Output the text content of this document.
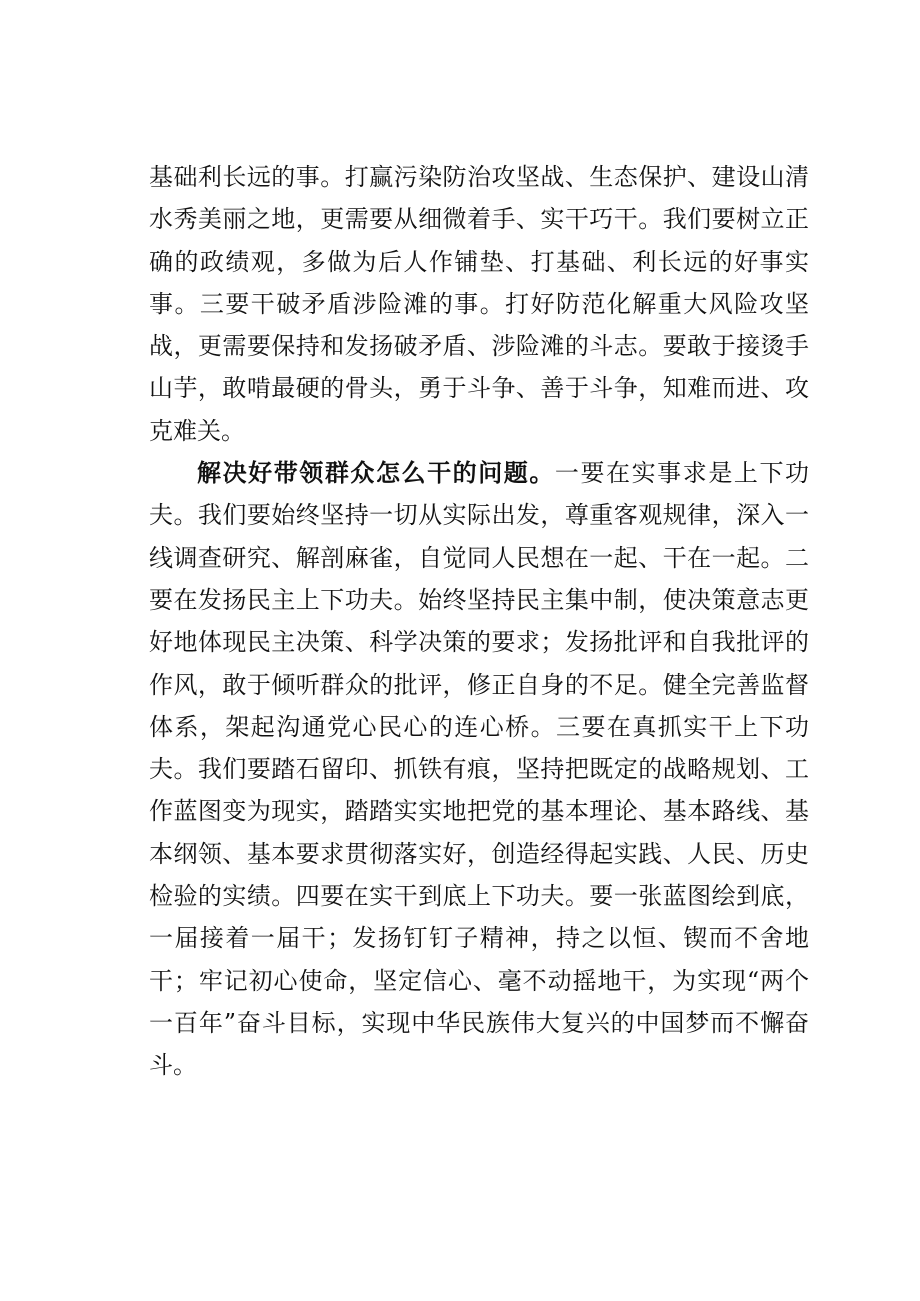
基础利长远的事。打赢污染防治攻坚战、生态保护、建设山清水秀美丽之地，更需要从细微着手、实干巧干。我们要树立正确的政绩观，多做为后人作铺垫、打基础、利长远的好事实事。三要干破矛盾涉险滩的事。打好防范化解重大风险攻坚战，更需要保持和发扬破矛盾、涉险滩的斗志。要敢于接烫手山芋，敢啃最硬的骨头，勇于斗争、善于斗争，知难而进、攻克难关。

解决好带领群众怎么干的问题。一要在实事求是上下功夫。我们要始终坚持一切从实际出发，尊重客观规律，深入一线调查研究、解剖麻雀，自觉同人民想在一起、干在一起。二要在发扬民主上下功夫。始终坚持民主集中制，使决策意志更好地体现民主决策、科学决策的要求；发扬批评和自我批评的作风，敢于倾听群众的批评，修正自身的不足。健全完善监督体系，架起沟通党心民心的连心桥。三要在真抓实干上下功夫。我们要踏石留印、抓铁有痕，坚持把既定的战略规划、工作蓝图变为现实，踏踏实实地把党的基本理论、基本路线、基本纲领、基本要求贯彻落实好，创造经得起实践、人民、历史检验的实绩。四要在实干到底上下功夫。要一张蓝图绘到底，一届接着一届干；发扬钉钉子精神，持之以恒、锲而不舍地干；牢记初心使命，坚定信心、毫不动摇地干，为实现“两个一百年”奋斗目标，实现中华民族伟大复兴的中国梦而不懈奋斗。
